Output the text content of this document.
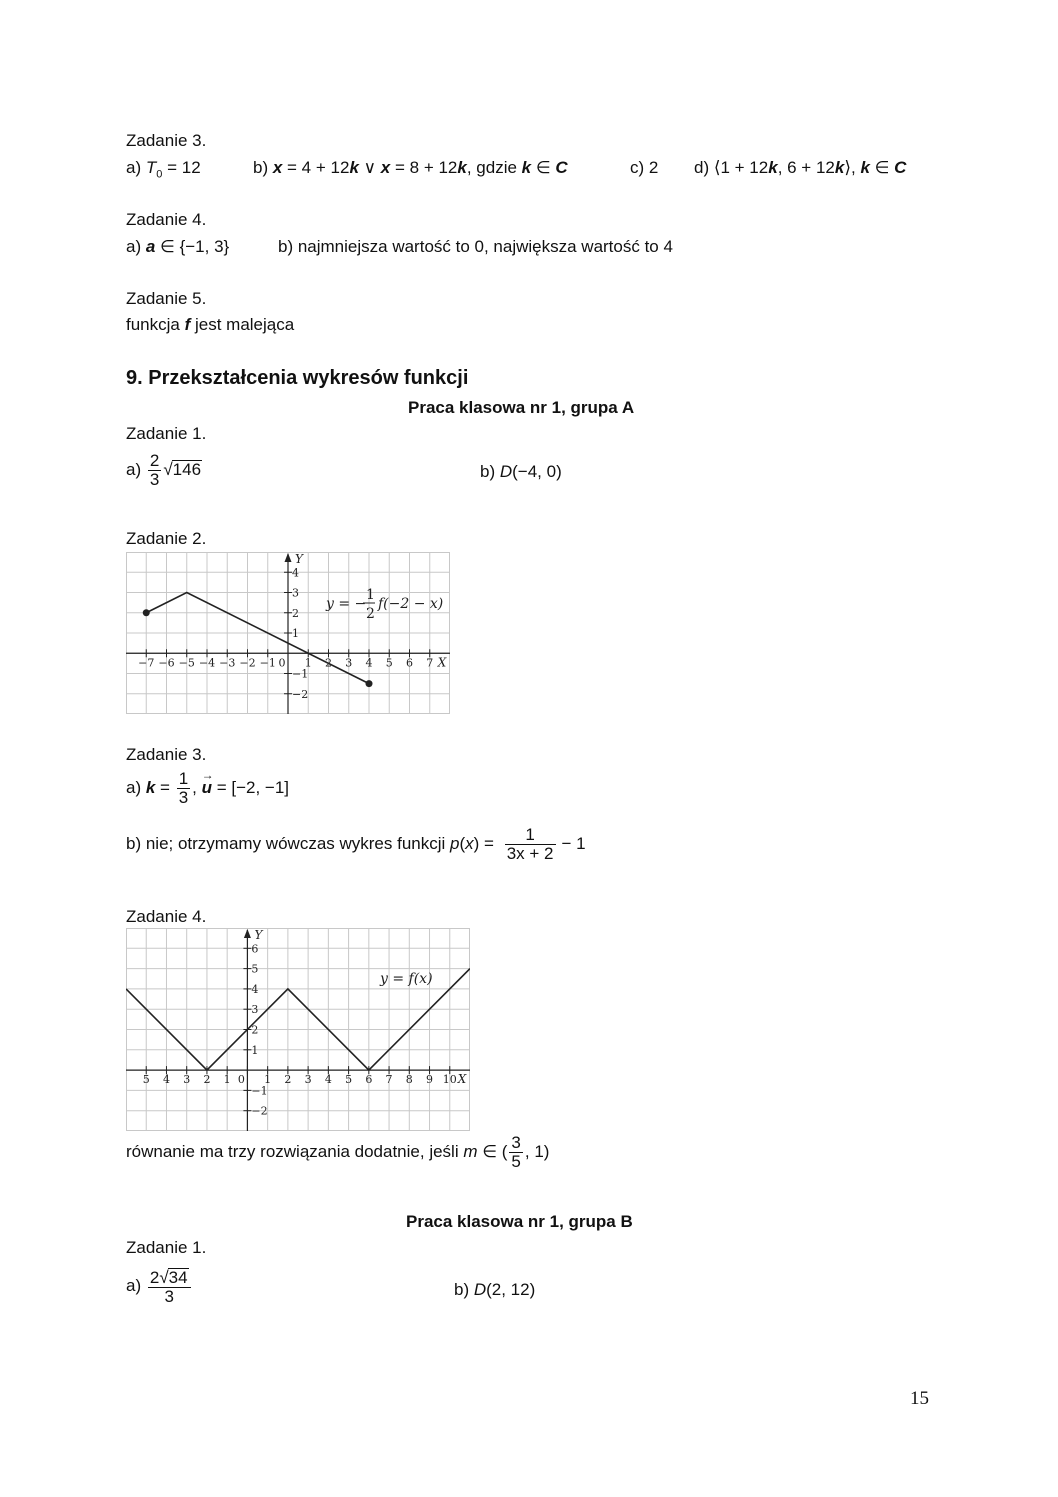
Zadanie 3.
a) $T_0 = 12$	b) x = 4 + 12k ∨ x = 8 + 12k, gdzie k ∈ C	c) 2 d) ⟨1 + 12k, 6 + 12k⟩, k ∈ C
Zadanie 4.
a) a ∈ {−1, 3}	b) najmniejsza wartość to 0, największa wartość to 4
Zadanie 5.
funkcja f jest malejąca
9. Przekształcenia wykresów funkcji
Praca klasowa nr 1, grupa A
Zadanie 1.
$a) \frac{2}{3} √146$	b) D(−4, 0)
Zadanie 2.
−7 −6 −5 −4 −3 −2 −1 0 1 2 3 4 5 6 7
4
3
2
1
−1
−2
X
Y
y = −
1
2
f(−2 − x)
Zadanie 3.
a) $k = \frac{1}{3}$ , → u = [−2, −1]
b) nie; otrzymamy wówczas wykres funkcji $p(x) = \frac{1}{3x + 2} - 1$
Zadanie 4.
5 4 3 2 1 0 1 2 3 4 5 6 7 8 9 10
6
5
4
3
2
1
−1
−2
X
Y
y = f(x)
równanie ma trzy rozwiązania dodatnie, jeśli m ∈ ( $\frac{3}{5}$ , 1)
Praca klasowa nr 1, grupa B
Zadanie 1.
$a) \frac{2√34}{3}$	b) D(2, 12)
15
